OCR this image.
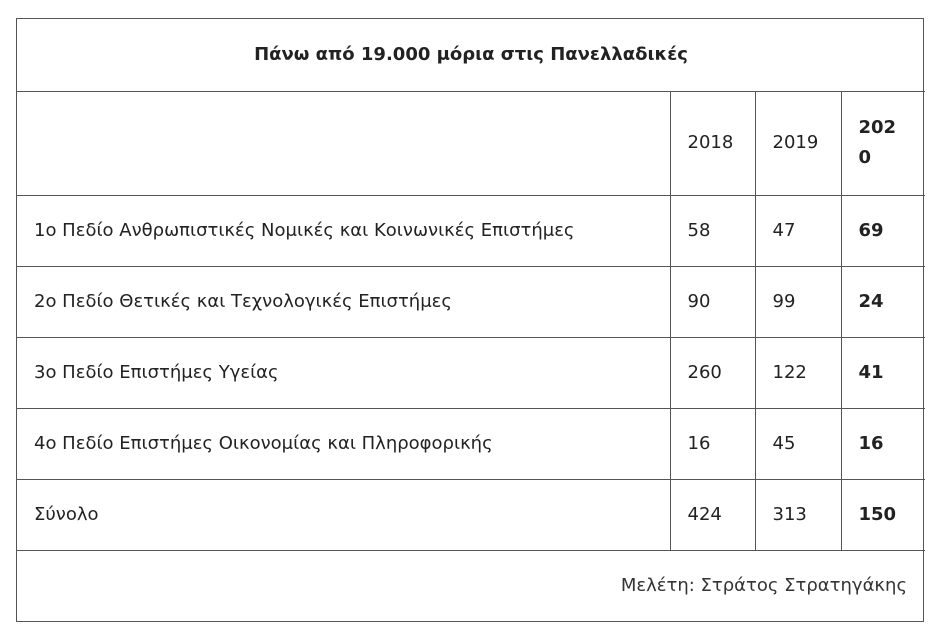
Πάνω από 19.000 μόρια στις Πανελλαδικές			
	2018	2019	2020
1ο Πεδίο Ανθρωπιστικές Νομικές και Κοινωνικές Επιστήμες	58	47	69
2ο Πεδίο Θετικές και Τεχνολογικές Επιστήμες	90	99	24
3ο Πεδίο Επιστήμες Υγείας	260	122	41
4ο Πεδίο Επιστήμες Οικονομίας και Πληροφορικής	16	45	16
Σύνολο	424	313	150
Μελέτη: Στράτος Στρατηγάκης			
